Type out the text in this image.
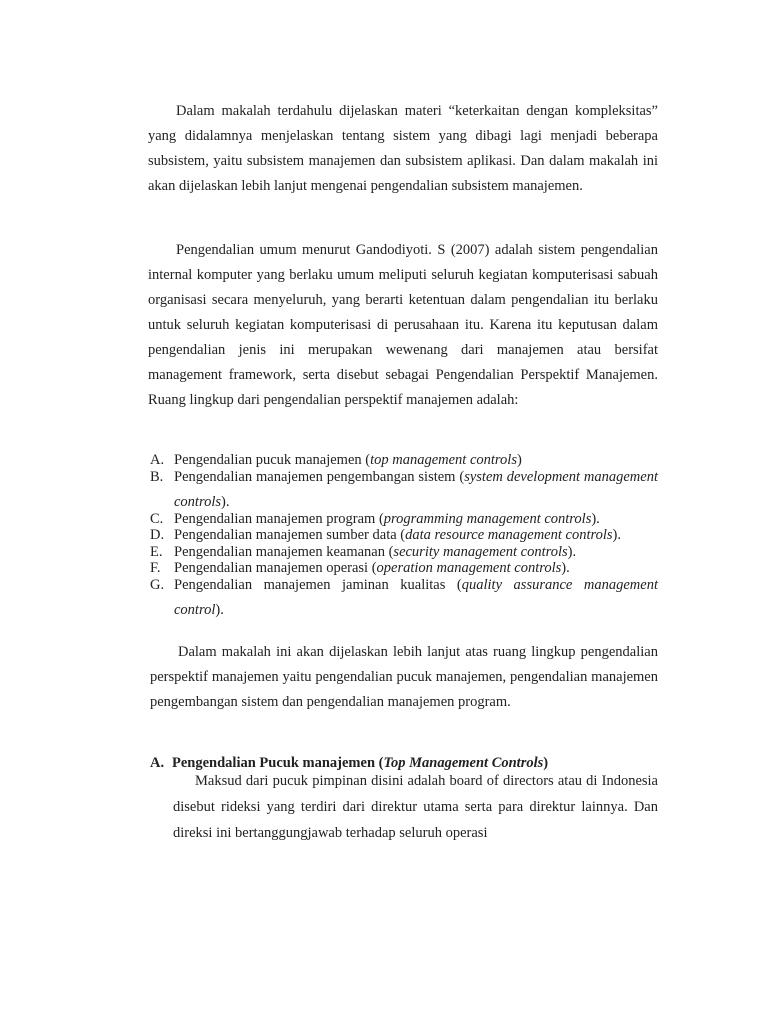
Dalam makalah terdahulu dijelaskan materi “keterkaitan dengan kompleksitas” yang didalamnya menjelaskan tentang sistem yang dibagi lagi menjadi beberapa subsistem, yaitu subsistem manajemen dan subsistem aplikasi. Dan dalam makalah ini akan dijelaskan lebih lanjut mengenai pengendalian subsistem manajemen.

Pengendalian umum menurut Gandodiyoti. S (2007) adalah sistem pengendalian internal komputer yang berlaku umum meliputi seluruh kegiatan komputerisasi sabuah organisasi secara menyeluruh, yang berarti ketentuan dalam pengendalian itu berlaku untuk seluruh kegiatan komputerisasi di perusahaan itu. Karena itu keputusan dalam pengendalian jenis ini merupakan wewenang dari manajemen atau bersifat management framework, serta disebut sebagai Pengendalian Perspektif Manajemen. Ruang lingkup dari pengendalian perspektif manajemen adalah:

A. Pengendalian pucuk manajemen (top management controls)
B. Pengendalian manajemen pengembangan sistem (system development management controls).
C. Pengendalian manajemen program (programming management controls).
D. Pengendalian manajemen sumber data (data resource management controls).
E. Pengendalian manajemen keamanan (security management controls).
F. Pengendalian manajemen operasi (operation management controls).
G. Pengendalian manajemen jaminan kualitas (quality assurance management control).

Dalam makalah ini akan dijelaskan lebih lanjut atas ruang lingkup pengendalian perspektif manajemen yaitu pengendalian pucuk manajemen, pengendalian manajemen pengembangan sistem dan pengendalian manajemen program.

A. Pengendalian Pucuk manajemen (Top Management Controls)

Maksud dari pucuk pimpinan disini adalah board of directors atau di Indonesia disebut rideksi yang terdiri dari direktur utama serta para direktur lainnya. Dan direksi ini bertanggungjawab terhadap seluruh operasi
